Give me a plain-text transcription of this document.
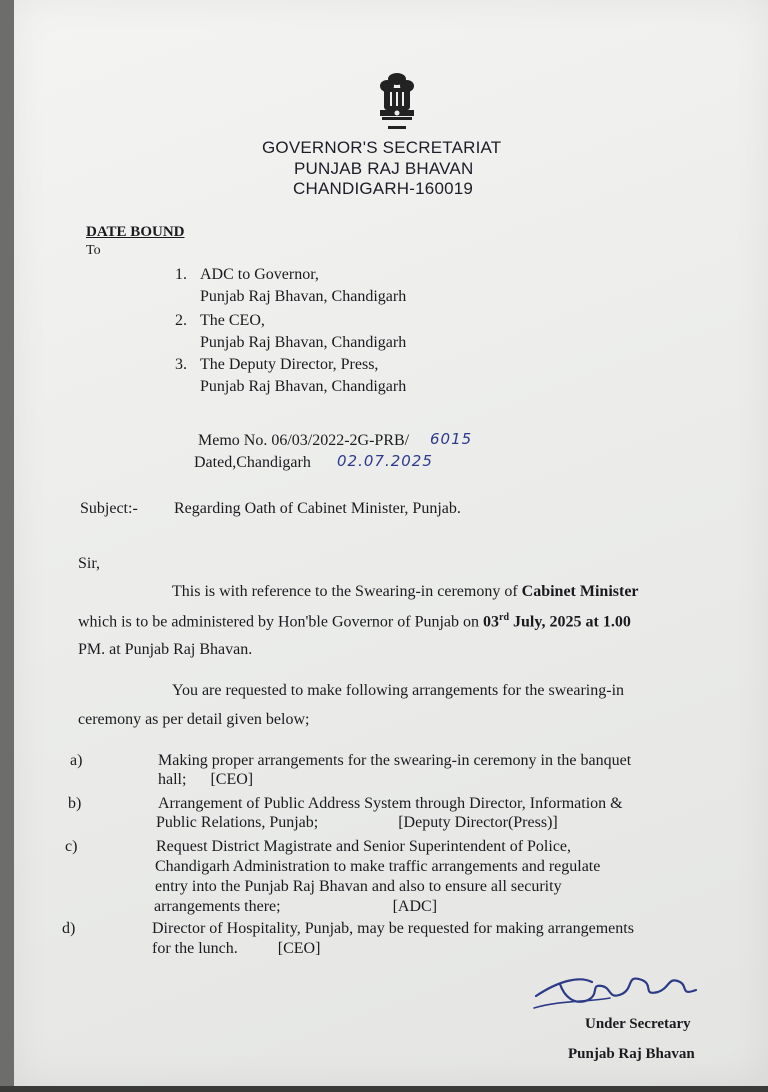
GOVERNOR'S SECRETARIAT
PUNJAB RAJ BHAVAN
CHANDIGARH-160019
DATE BOUND
To
1. ADC to Governor,
Punjab Raj Bhavan, Chandigarh
2. The CEO,
Punjab Raj Bhavan, Chandigarh
3. The Deputy Director, Press,
Punjab Raj Bhavan, Chandigarh
Memo No. 06/03/2022-2G-PRB/ 6015
Dated,Chandigarh 02.07.2025
Subject:- Regarding Oath of Cabinet Minister, Punjab.
Sir,
This is with reference to the Swearing-in ceremony of Cabinet Minister
which is to be administered by Hon'ble Governor of Punjab on 03rd July, 2025 at 1.00
PM. at Punjab Raj Bhavan.
You are requested to make following arrangements for the swearing-in
ceremony as per detail given below;
a)	Making proper arrangements for the swearing-in ceremony in the banquet
hall;      [CEO]
b)	Arrangement of Public Address System through Director, Information &
Public Relations, Punjab;                    [Deputy Director(Press)]
c)	Request District Magistrate and Senior Superintendent of Police,
Chandigarh Administration to make traffic arrangements and regulate
entry into the Punjab Raj Bhavan and also to ensure all security
arrangements there;                            [ADC]
d)	Director of Hospitality, Punjab, may be requested for making arrangements
for the lunch.          [CEO]
Under Secretary
Punjab Raj Bhavan
